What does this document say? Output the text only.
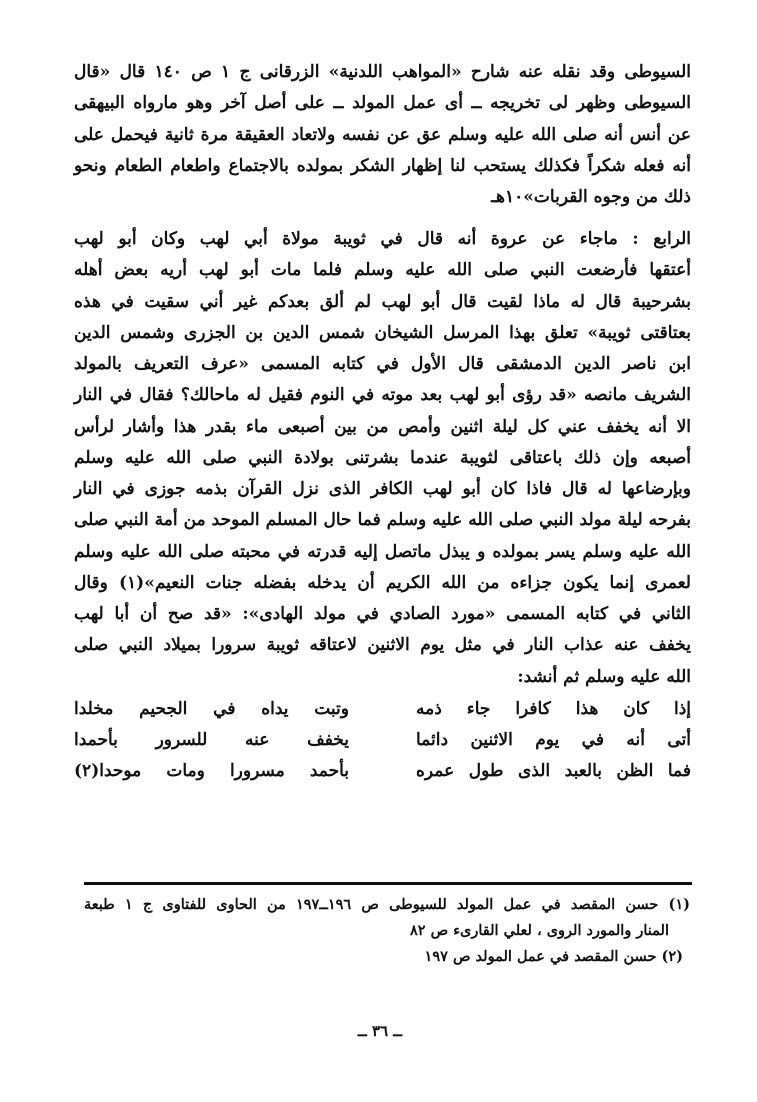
السيوطى وقد نقله عنه شارح «المواهب اللدنية» الزرقانى ج ١ ص ١٤٠ قال «قال
السيوطى وظهر لى تخريجه ــ أى عمل المولد ــ على أصل آخر وهو مارواه البيهقى
عن أنس أنه صلى الله عليه وسلم عق عن نفسه ولاتعاد العقيقة مرة ثانية فيحمل على
أنه فعله شكراً فكذلك يستحب لنا إظهار الشكر بمولده بالاجتماع واطعام الطعام ونحو
ذلك من وجوه القربات»١٠هـ
الرابع : ماجاء عن عروة أنه قال في ثويبة مولاة أبي لهب وكان أبو لهب
أعتقها فأرضعت النبي صلى الله عليه وسلم فلما مات أبو لهب أريه بعض أهله
بشرحيبة قال له ماذا لقيت قال أبو لهب لم ألق بعدكم غير أني سقيت في هذه
بعتاقتى ثويبة» تعلق بهذا المرسل الشيخان شمس الدين بن الجزرى وشمس الدين
ابن ناصر الدين الدمشقى قال الأول في كتابه المسمى «عرف التعريف بالمولد
الشريف مانصه «قد رؤى أبو لهب بعد موته في النوم فقيل له ماحالك؟ فقال في النار
الا أنه يخفف عني كل ليلة اثنين وأمص من بين أصبعى ماء بقدر هذا وأشار لرأس
أصبعه وإن ذلك باعتاقى لثويبة عندما بشرتنى بولادة النبي صلى الله عليه وسلم
وبإرضاعها له قال فاذا كان أبو لهب الكافر الذى نزل القرآن بذمه جوزى في النار
بفرحه ليلة مولد النبي صلى الله عليه وسلم فما حال المسلم الموحد من أمة النبي صلى
الله عليه وسلم يسر بمولده و يبذل ماتصل إليه قدرته في محبته صلى الله عليه وسلم
لعمرى إنما يكون جزاءه من الله الكريم أن يدخله بفضله جنات النعيم»(١) وقال
الثاني في كتابه المسمى «مورد الصادي في مولد الهادى»: «قد صح أن أبا لهب
يخفف عنه عذاب النار في مثل يوم الاثنين لاعتاقه ثويبة سرورا بميلاد النبي صلى
الله عليه وسلم ثم أنشد:
إذا كان هذا كافرا جاء ذمه
وتبت يداه في الجحيم مخلدا
أتى أنه في يوم الاثنين دائما
يخفف عنه للسرور بأحمدا
فما الظن بالعبد الذى طول عمره
بأحمد مسرورا ومات موحدا(٢)
(١) حسن المقصد في عمل المولد للسيوطى ص ١٩٦ــ١٩٧ من الحاوى للفتاوى ج ١ طبعة
المنار والمورد الروى ، لعلي القارىء ص ٨٢
(٢) حسن المقصد في عمل المولد ص ١٩٧
ــ ٣٦ ــ
